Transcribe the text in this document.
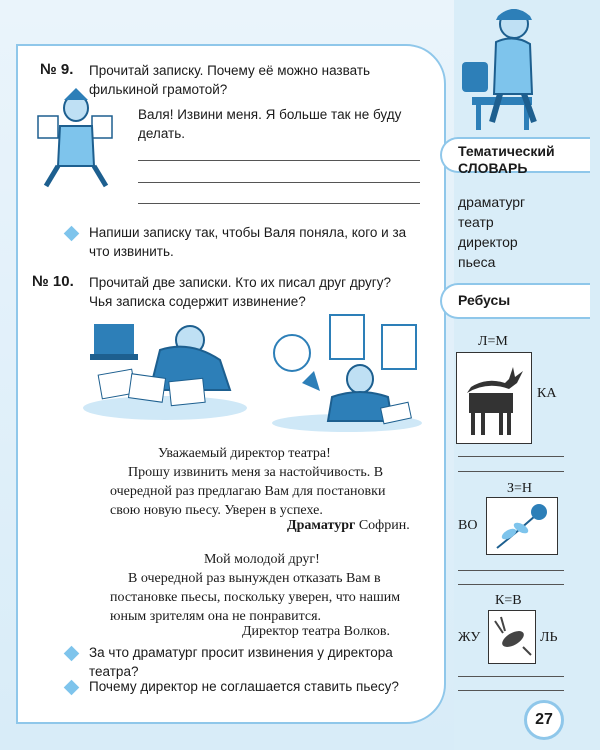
№ 9. Прочитай записку. Почему её можно назвать
филькиной грамотой?
Валя! Извини меня. Я больше так не буду
делать.
Напиши записку так, чтобы Валя поняла, кого и за
что извинить.
№ 10. Прочитай две записки. Кто их писал друг другу?
Чья записка содержит извинение?
Уважаемый директор театра!
Прошу извинить меня за настойчивость. В
очередной раз предлагаю Вам для постановки
свою новую пьесу. Уверен в успехе.
Драматург Софрин.
Мой молодой друг!
В очередной раз вынужден отказать Вам в
постановке пьесы, поскольку уверен, что нашим
юным зрителям она не понравится.
Директор театра Волков.
За что драматург просит извинения у директора
театра?
Почему директор не соглашается ставить пьесу?
Тематический
СЛОВАРЬ
драматург
театр
директор
пьеса
Ребусы
Л=М
КА
З=Н
ВО
К=В
ЖУ	ЛЬ
27
